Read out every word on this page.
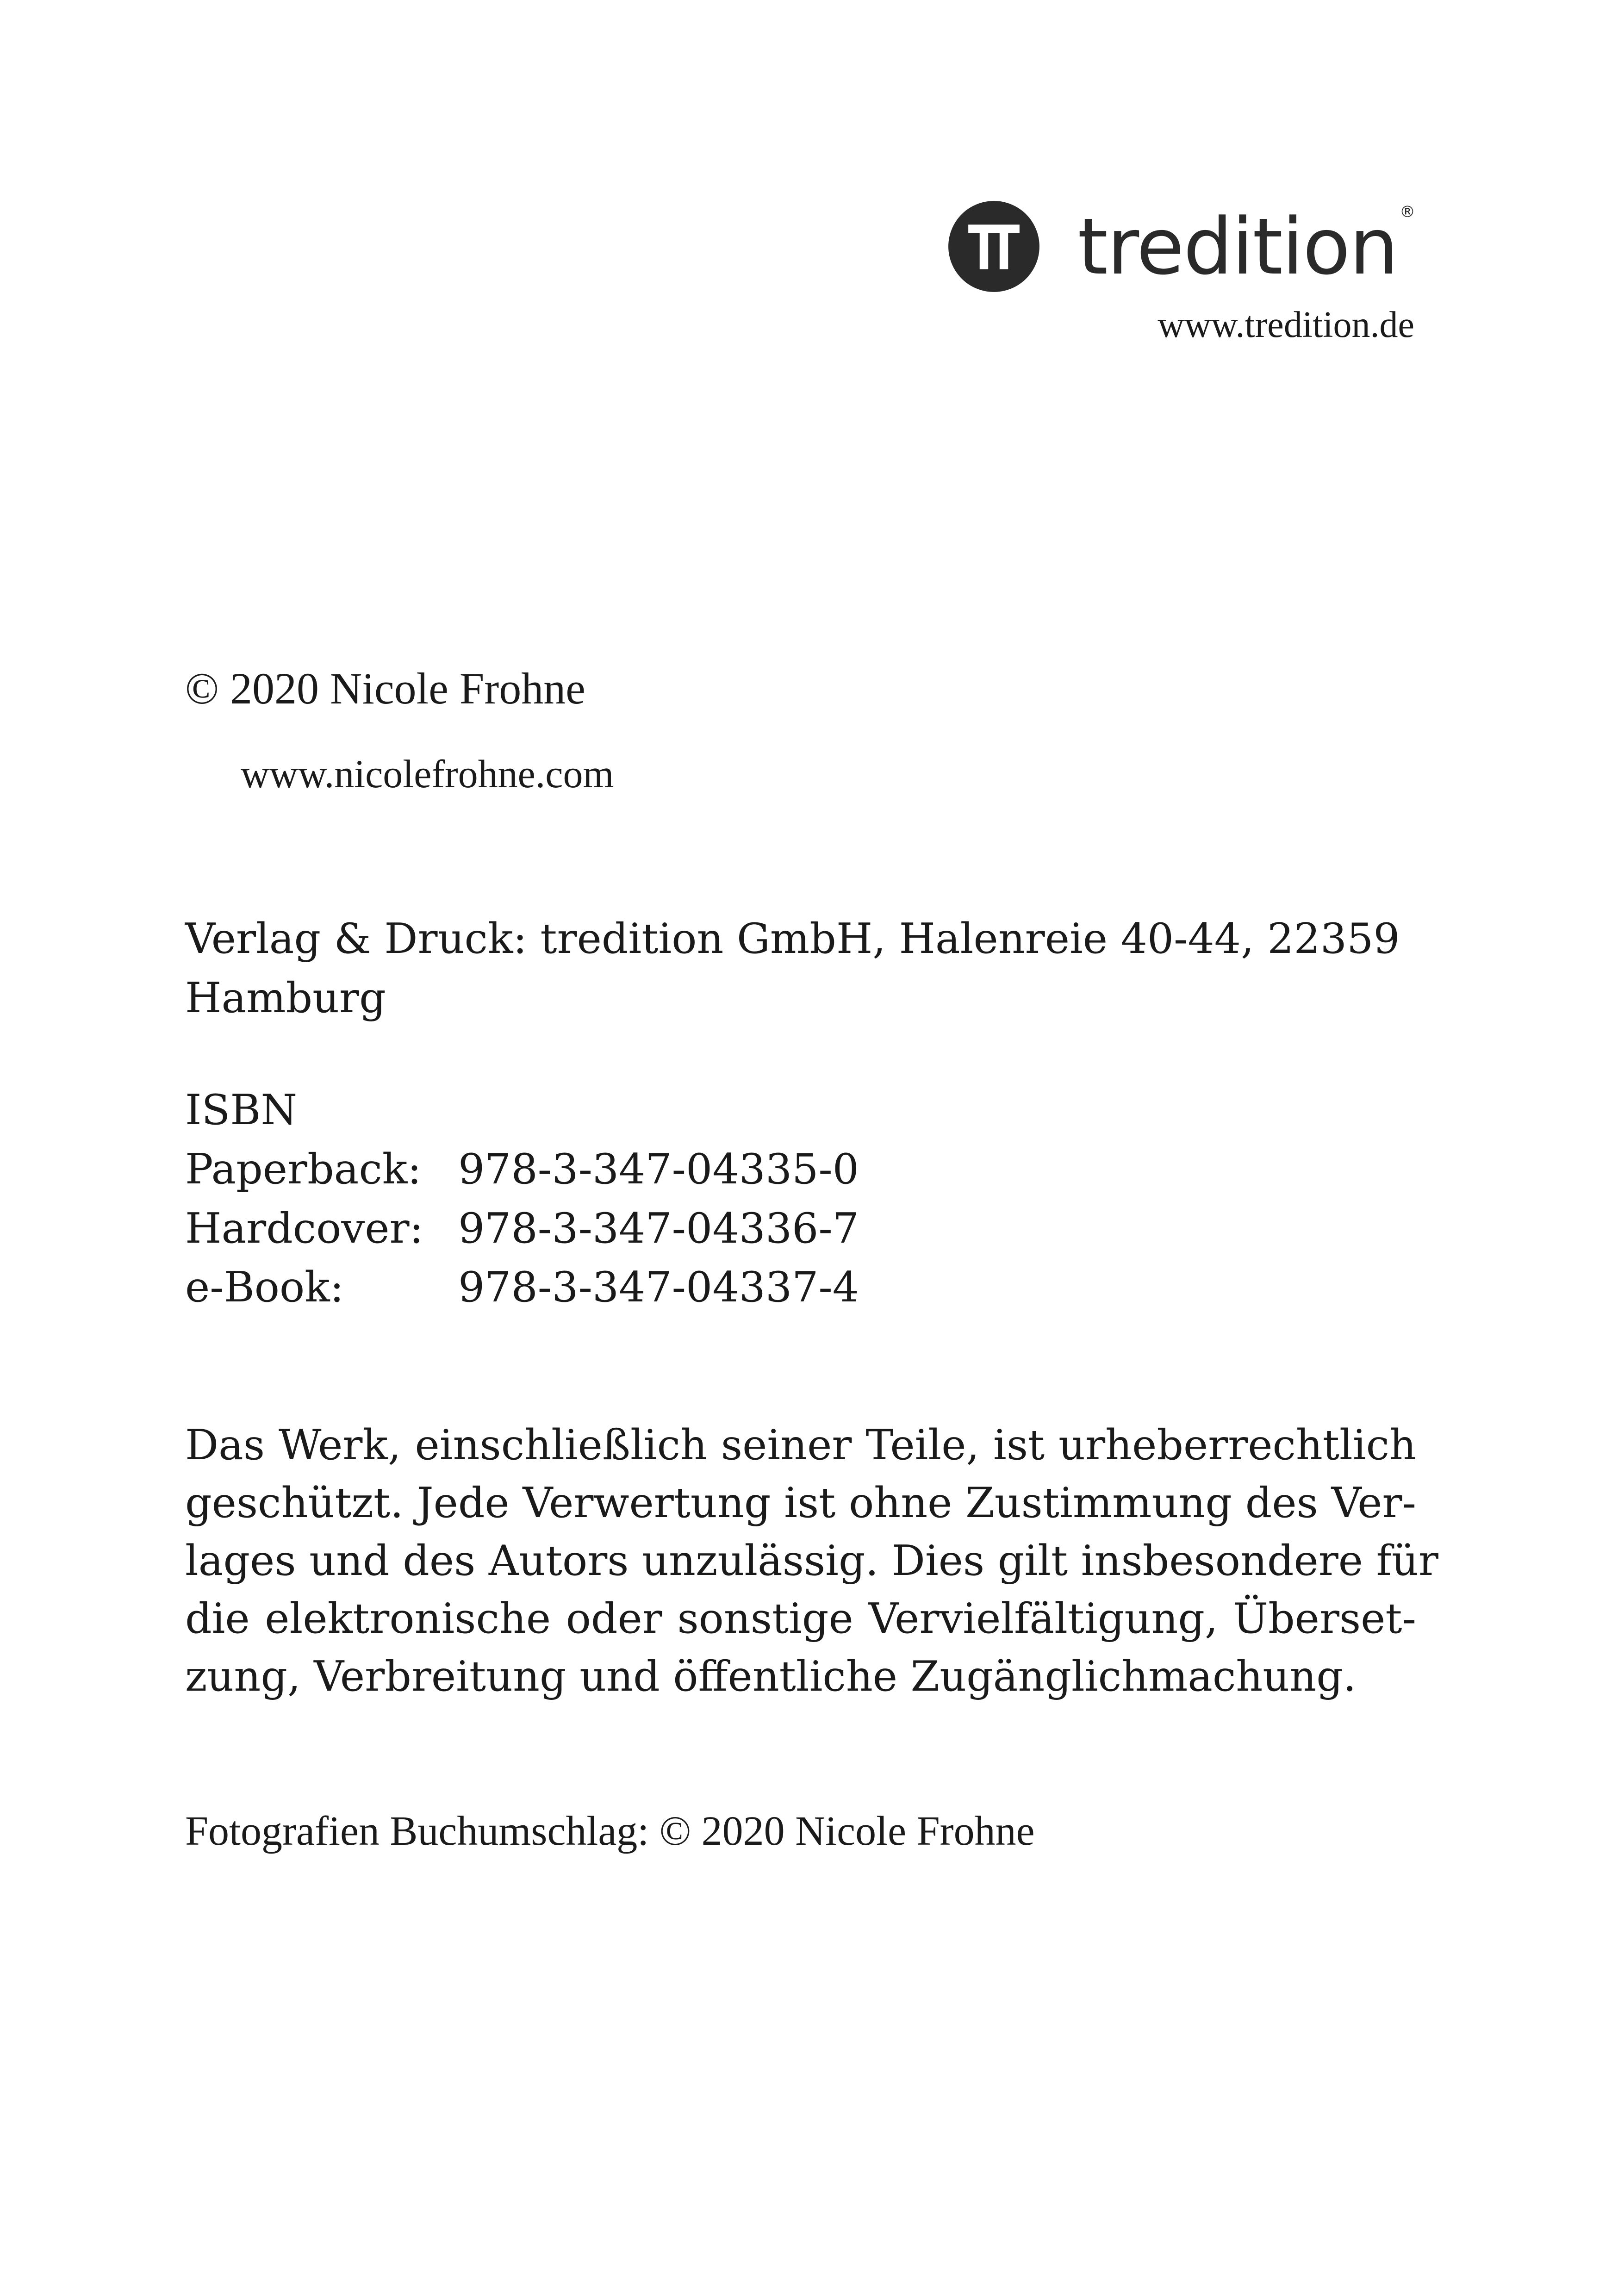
tredition ®
www.tredition.de
© 2020 Nicole Frohne
www.nicolefrohne.com
Verlag & Druck: tredition GmbH, Halenreie 40-44, 22359
Hamburg
ISBN
Paperback: 978-3-347-04335-0
Hardcover: 978-3-347-04336-7
e-Book:	978-3-347-04337-4
Das Werk, einschließlich seiner Teile, ist urheberrechtlich
geschützt. Jede Verwertung ist ohne Zustimmung des Ver-
lages und des Autors unzulässig. Dies gilt insbesondere für
die elektronische oder sonstige Vervielfältigung, Überset-
zung, Verbreitung und öffentliche Zugänglichmachung.
Fotografien Buchumschlag: © 2020 Nicole Frohne
